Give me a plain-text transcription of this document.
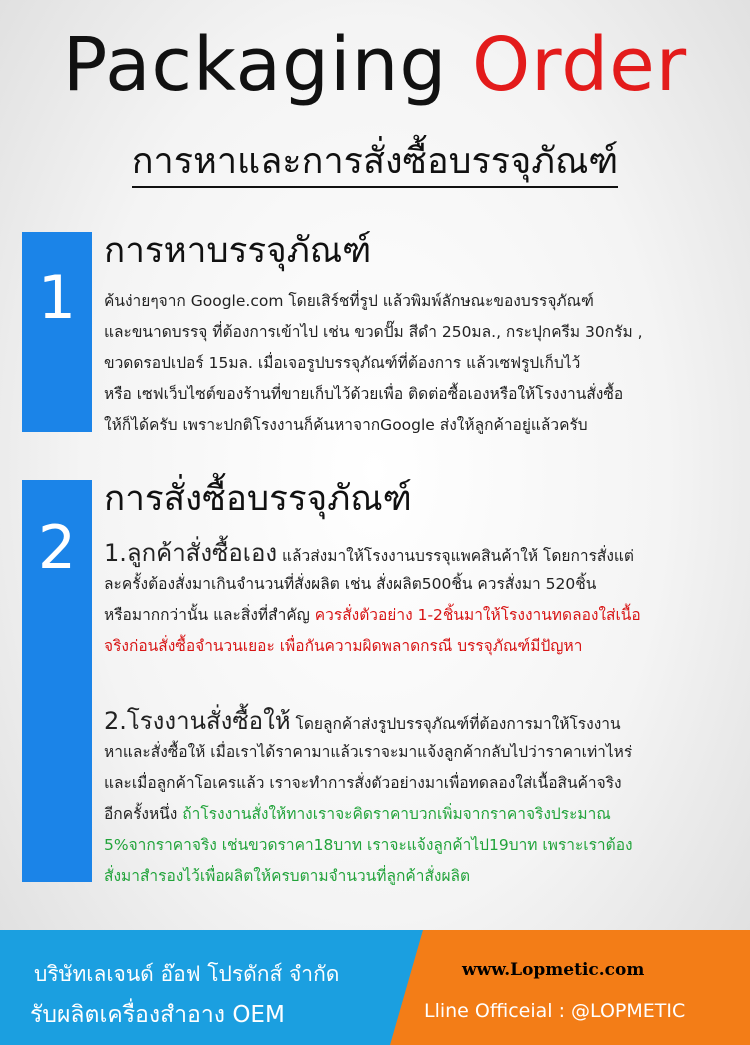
Packaging Order
การหาและการสั่งซื้อบรรจุภัณฑ์
1
การหาบรรจุภัณฑ์
ค้นง่ายๆจาก Google.com โดยเสิร์ชที่รูป แล้วพิมพ์ลักษณะของบรรจุภัณฑ์
และขนาดบรรจุ ที่ต้องการเข้าไป เช่น ขวดปั๊ม สีดำ 250มล., กระปุกครีม 30กรัม ,
ขวดดรอปเปอร์ 15มล. เมื่อเจอรูปบรรจุภัณฑ์ที่ต้องการ แล้วเซฟรูปเก็บไว้
หรือ เซฟเว็บไซต์ของร้านที่ขายเก็บไว้ด้วยเพื่อ ติดต่อซื้อเองหรือให้โรงงานสั่งซื้อ
ให้ก็ได้ครับ เพราะปกติโรงงานก็ค้นหาจากGoogle ส่งให้ลูกค้าอยู่แล้วครับ
2
การสั่งซื้อบรรจุภัณฑ์
1.ลูกค้าสั่งซื้อเอง แล้วส่งมาให้โรงงานบรรจุแพคสินค้าให้ โดยการสั่งแต่
ละครั้งต้องสั่งมาเกินจำนวนที่สั่งผลิต เช่น สั่งผลิต500ชิ้น ควรสั่งมา 520ชิ้น
หรือมากกว่านั้น และสิ่งที่สำคัญ ควรสั่งตัวอย่าง 1-2ชิ้นมาให้โรงงานทดลองใส่เนื้อ
จริงก่อนสั่งซื้อจำนวนเยอะ เพื่อกันความผิดพลาดกรณี บรรจุภัณฑ์มีปัญหา
2.โรงงานสั่งซื้อให้ โดยลูกค้าส่งรูปบรรจุภัณฑ์ที่ต้องการมาให้โรงงาน
หาและสั่งซื้อให้ เมื่อเราได้ราคามาแล้วเราจะมาแจ้งลูกค้ากลับไปว่าราคาเท่าไหร่
และเมื่อลูกค้าโอเครแล้ว เราจะทำการสั่งตัวอย่างมาเพื่อทดลองใส่เนื้อสินค้าจริง
อีกครั้งหนึ่ง ถ้าโรงงานสั่งให้ทางเราจะคิดราคาบวกเพิ่มจากราคาจริงประมาณ
5%จากราคาจริง เช่นขวดราคา18บาท เราจะแจ้งลูกค้าไป19บาท เพราะเราต้อง
สั่งมาสำรองไว้เพื่อผลิตให้ครบตามจำนวนที่ลูกค้าสั่งผลิต
บริษัทเลเจนด์ อ๊อฟ โปรดักส์ จำกัด
รับผลิตเครื่องสำอาง OEM
www.Lopmetic.com
Lline Officeial : @LOPMETIC
